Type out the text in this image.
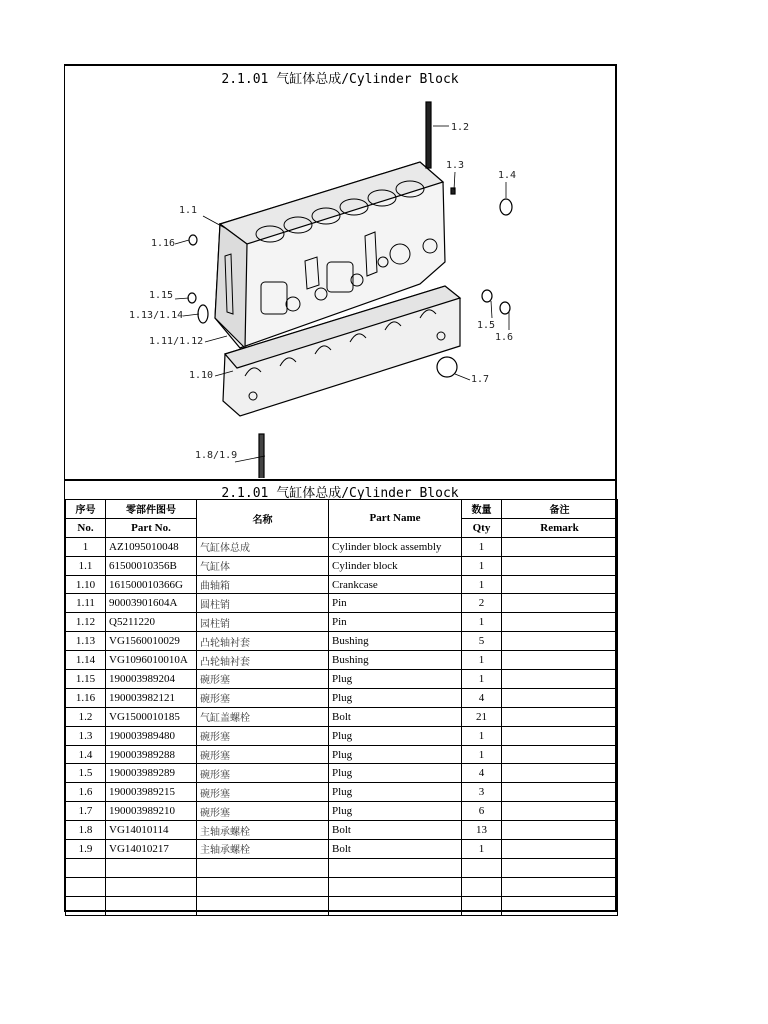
2.1.01 气缸体总成/Cylinder Block
1.2
1.3
1.4
1.5
1.6
1.7
1.8/1.9
1.10
1.11/1.12
1.13/1.14
1.15
1.16
1.1
2.1.01 气缸体总成/Cylinder Block
序号	零部件图号	名称	Part Name	数量	备注
No.	Part No.			Qty	Remark
1	AZ1095010048	气缸体总成	Cylinder block assembly	1	
1.1	61500010356B	气缸体	Cylinder block	1	
1.10	161500010366G	曲轴箱	Crankcase	1	
1.11	90003901604A	圆柱销	Pin	2	
1.12	Q5211220	园柱销	Pin	1	
1.13	VG1560010029	凸轮轴衬套	Bushing	5	
1.14	VG1096010010A	凸轮轴衬套	Bushing	1	
1.15	190003989204	碗形塞	Plug	1	
1.16	190003982121	碗形塞	Plug	4	
1.2	VG1500010185	气缸盖螺栓	Bolt	21	
1.3	190003989480	碗形塞	Plug	1	
1.4	190003989288	碗形塞	Plug	1	
1.5	190003989289	碗形塞	Plug	4	
1.6	190003989215	碗形塞	Plug	3	
1.7	190003989210	碗形塞	Plug	6	
1.8	VG14010114	主轴承螺栓	Bolt	13	
1.9	VG14010217	主轴承螺栓	Bolt	1	
